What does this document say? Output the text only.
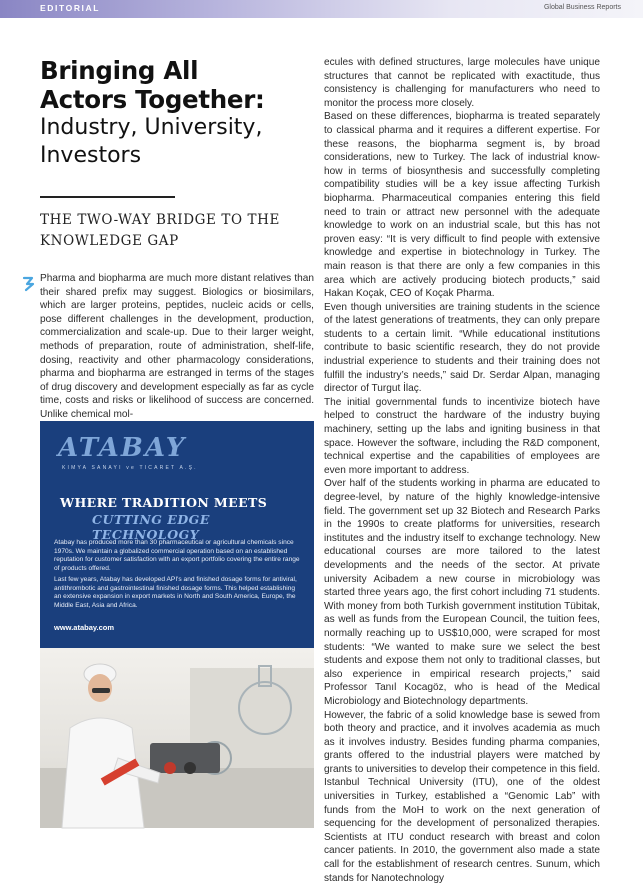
EDITORIAL	Global Business Reports
Bringing All
Actors Together:
Industry, University,
Investors
THE TWO-WAY BRIDGE TO THE
KNOWLEDGE GAP

Pharma and biopharma are much more distant relatives than their shared prefix may suggest. Biologics or biosimilars, which are larger proteins, peptides, nucleic acids or cells, pose different challenges in the development, production, commercialization and scale-up. Due to their larger weight, methods of preparation, route of administration, shelf-life, dosing, reactivity and other pharmacology considerations, pharma and biopharma are estranged in terms of the stages of drug discovery and development especially as far as cycle time, costs and risks or likelihood of success are concerned. Unlike chemical mol-

ATABAY
KIMYA SANAYI ve TICARET A.Ş.
WHERE TRADITION MEETS
CUTTING EDGE TECHNOLOGY
Atabay has produced more than 30 pharmaceutical or agricultural chemicals since 1970s. We maintain a globalized commercial operation based on an established reputation for customer satisfaction with an export portfolio covering the entire range of products offered.
Last few years, Atabay has developed API's and finished dosage forms for antiviral, antithrombotic and gastrointestinal finished dosage forms. This helped establishing an extensive expansion in export markets in North and South America, Europe, the Middle East, Asia and Africa.
www.atabay.com

ecules with defined structures, large molecules have unique structures that cannot be replicated with exactitude, thus consistency is challenging for manufacturers who need to monitor the process more closely.

Based on these differences, biopharma is treated separately to classical pharma and it requires a different expertise. For these reasons, the biopharma segment is, by broad considerations, new to Turkey. The lack of industrial know-how in terms of biosynthesis and successfully completing compatibility studies will be a key issue affecting Turkish biopharma. Pharmaceutical companies entering this field need to train or attract new personnel with the adequate knowledge to work on an industrial scale, but this has not proven easy: “It is very difficult to find people with extensive knowledge and expertise in biotechnology in Turkey. The main reason is that there are only a few companies in this area which are actively producing biotech products,” said Hakan Koçak, CEO of Koçak Pharma.

Even though universities are training students in the science of the latest generations of treatments, they can only prepare students to a certain limit. “While educational institutions contribute to basic scientific research, they do not provide industrial experience to students and their training does not fulfill the industry’s needs,” said Dr. Serdar Alpan, managing director of Turgut İlaç.

The initial governmental funds to incentivize biotech have helped to construct the hardware of the industry buying machinery, setting up the labs and igniting business in that space. However the software, including the R&D component, technical expertise and the capabilities of employees are even more important to address.

Over half of the students working in pharma are educated to degree-level, by nature of the highly knowledge-intensive field. The government set up 32 Biotech and Research Parks in the 1990s to create platforms for universities, research institutes and the industry itself to exchange technology. New educational courses are more tailored to the latest developments and the needs of the sector. At private university Acibadem a new course in microbiology was started three years ago, the first cohort including 71 students. With money from both Turkish government institution Tübitak, as well as funds from the European Council, the tuition fees, normally reaching up to US$10,000, were scraped for most students: “We wanted to make sure we select the best students and expose them not only to traditional classes, but also experience in empirical research projects,” said Professor Tanıl Kocagöz, who is head of the Medical Microbiology and Biotechnology departments.

However, the fabric of a solid knowledge base is sewed from both theory and practice, and it involves academia as much as it involves industry. Besides funding pharma companies, grants offered to the industrial players were matched by grants to universities to develop their competence in this field. Istanbul Technical University (ITU), one of the oldest universities in Turkey, established a “Genomic Lab” with funds from the MoH to work on the next generation of sequencing for the development of personalized therapies. Scientists at ITU conduct research with breast and colon cancer patients. In 2010, the government also made a state call for the establishment of research centres. Sunum, which stands for Nanotechnology
